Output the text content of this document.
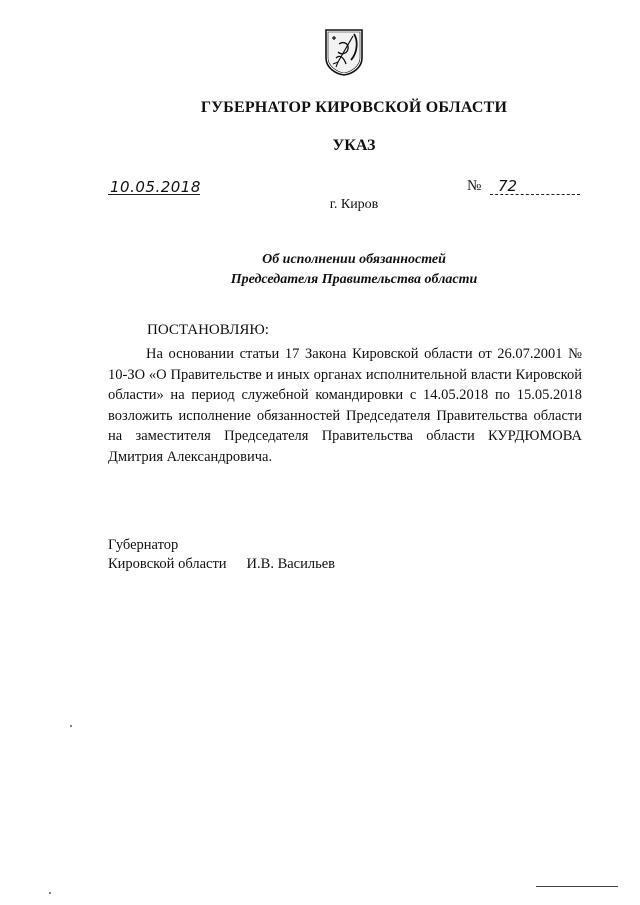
ГУБЕРНАТОР КИРОВСКОЙ ОБЛАСТИ
УКАЗ
10.05.2018	№ 72
г. Киров
Об исполнении обязанностей
Председателя Правительства области
ПОСТАНОВЛЯЮ:
На основании статьи 17 Закона Кировской области от 26.07.2001 № 10-ЗО «О Правительстве и иных органах исполнительной власти Кировской области» на период служебной командировки с 14.05.2018 по 15.05.2018 возложить исполнение обязанностей Председателя Правительства области на заместителя Председателя Правительства области КУРДЮМОВА Дмитрия Александровича.
Губернатор
Кировской области И.В. Васильев
